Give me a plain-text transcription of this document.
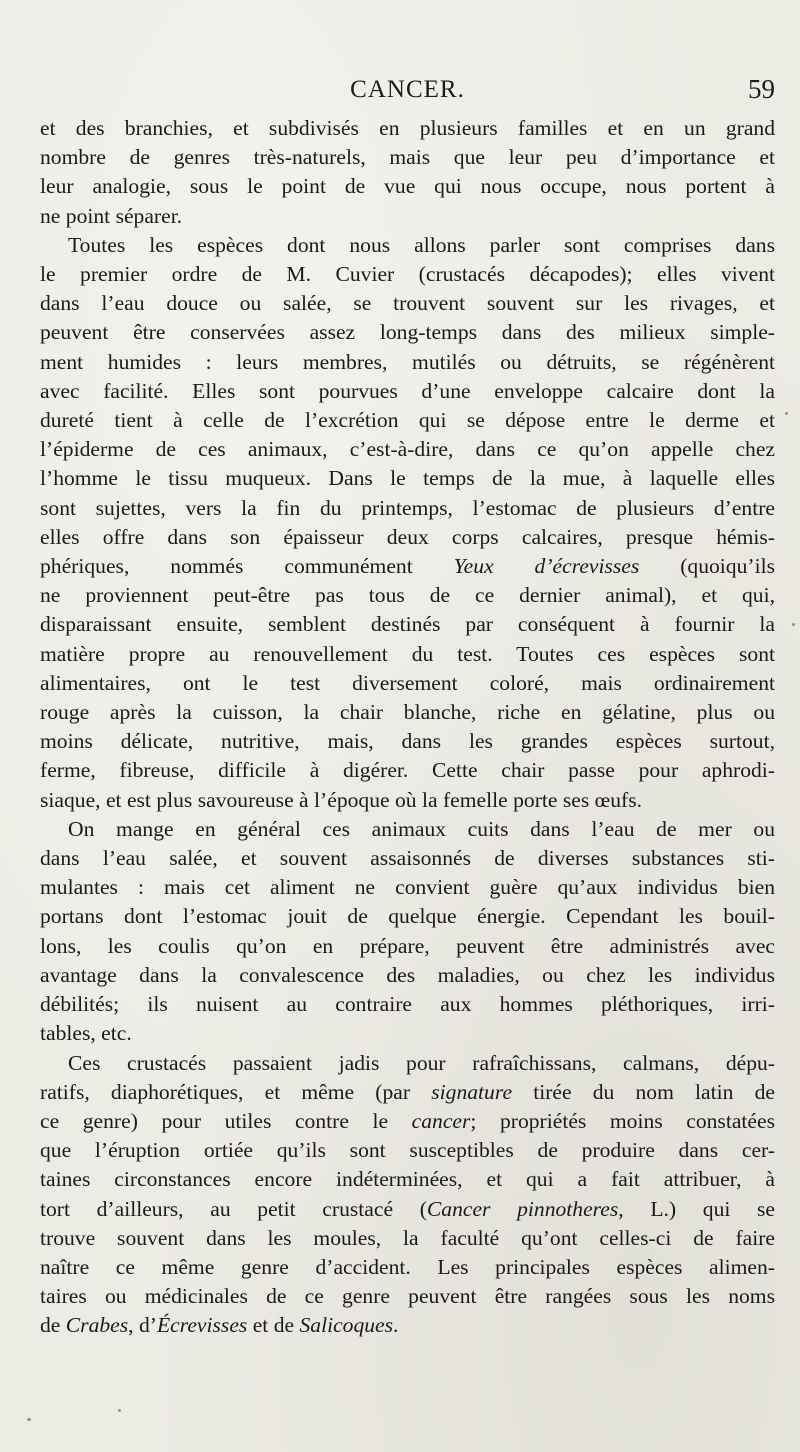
CANCER.	59

et des branchies, et subdivisés en plusieurs familles et en un grand
nombre de genres très-naturels, mais que leur peu d’importance et
leur analogie, sous le point de vue qui nous occupe, nous portent à
ne point séparer.

Toutes les espèces dont nous allons parler sont comprises dans
le premier ordre de M. Cuvier (crustacés décapodes); elles vivent
dans l’eau douce ou salée, se trouvent souvent sur les rivages, et
peuvent être conservées assez long-temps dans des milieux simple-
ment humides : leurs membres, mutilés ou détruits, se régénèrent
avec facilité. Elles sont pourvues d’une enveloppe calcaire dont la
dureté tient à celle de l’excrétion qui se dépose entre le derme et
l’épiderme de ces animaux, c’est-à-dire, dans ce qu’on appelle chez
l’homme le tissu muqueux. Dans le temps de la mue, à laquelle elles
sont sujettes, vers la fin du printemps, l’estomac de plusieurs d’entre
elles offre dans son épaisseur deux corps calcaires, presque hémis-
phériques, nommés communément Yeux d’écrevisses (quoiqu’ils
ne proviennent peut-être pas tous de ce dernier animal), et qui,
disparaissant ensuite, semblent destinés par conséquent à fournir la
matière propre au renouvellement du test. Toutes ces espèces sont
alimentaires, ont le test diversement coloré, mais ordinairement
rouge après la cuisson, la chair blanche, riche en gélatine, plus ou
moins délicate, nutritive, mais, dans les grandes espèces surtout,
ferme, fibreuse, difficile à digérer. Cette chair passe pour aphrodi-
siaque, et est plus savoureuse à l’époque où la femelle porte ses œufs.

On mange en général ces animaux cuits dans l’eau de mer ou
dans l’eau salée, et souvent assaisonnés de diverses substances sti-
mulantes : mais cet aliment ne convient guère qu’aux individus bien
portans dont l’estomac jouit de quelque énergie. Cependant les bouil-
lons, les coulis qu’on en prépare, peuvent être administrés avec
avantage dans la convalescence des maladies, ou chez les individus
débilités; ils nuisent au contraire aux hommes pléthoriques, irri-
tables, etc.

Ces crustacés passaient jadis pour rafraîchissans, calmans, dépu-
ratifs, diaphorétiques, et même (par signature tirée du nom latin de
ce genre) pour utiles contre le cancer; propriétés moins constatées
que l’éruption ortiée qu’ils sont susceptibles de produire dans cer-
taines circonstances encore indéterminées, et qui a fait attribuer, à
tort d’ailleurs, au petit crustacé (Cancer pinnotheres, L.) qui se
trouve souvent dans les moules, la faculté qu’ont celles-ci de faire
naître ce même genre d’accident. Les principales espèces alimen-
taires ou médicinales de ce genre peuvent être rangées sous les noms
de Crabes, d’Écrevisses et de Salicoques.
